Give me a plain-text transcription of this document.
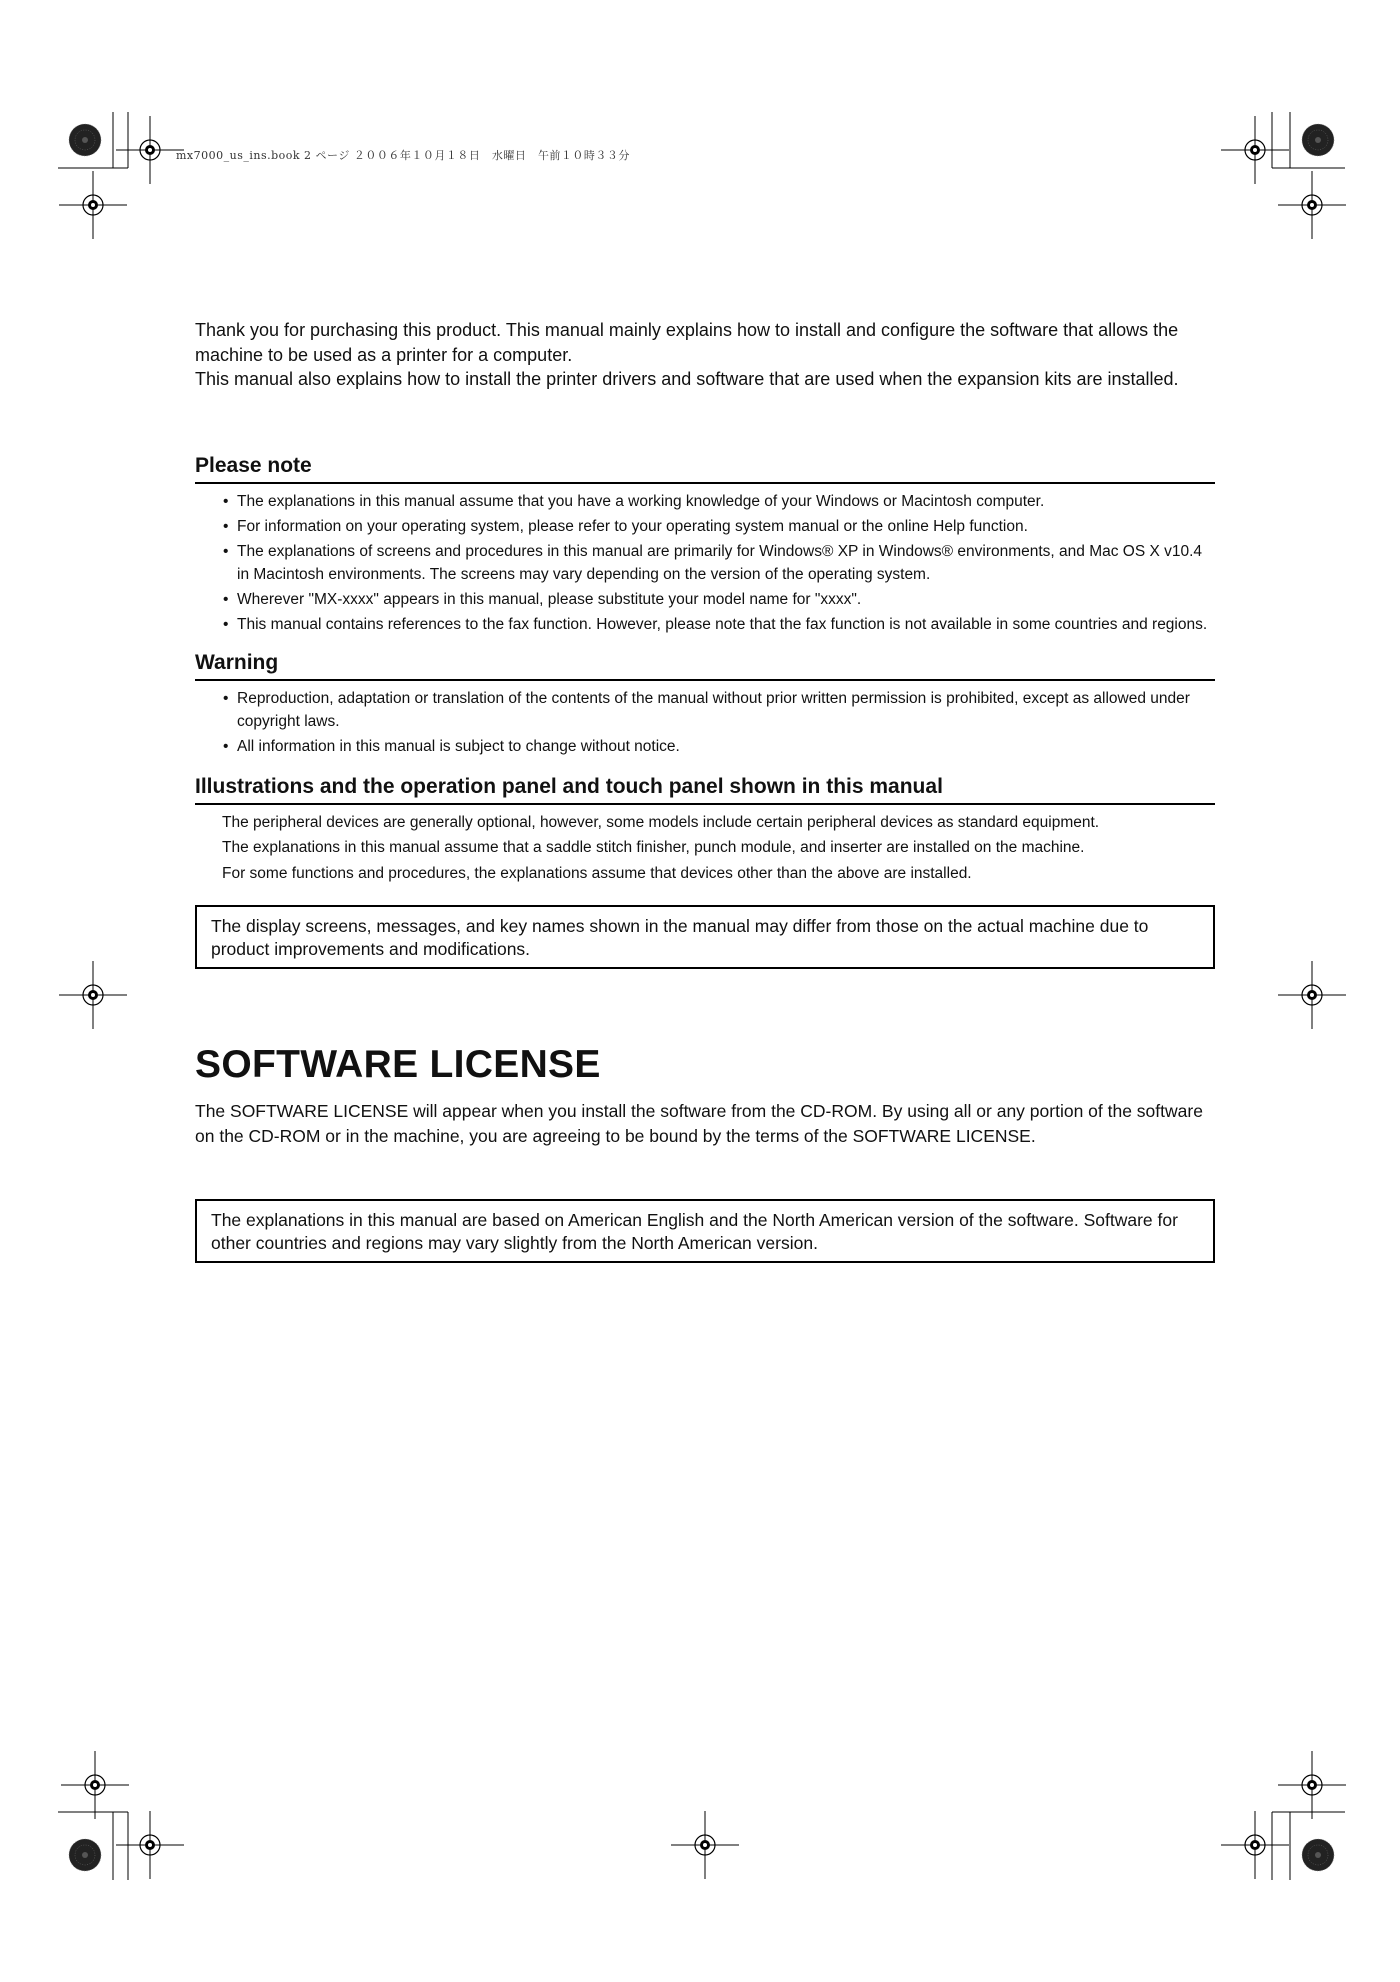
mx7000_us_ins.book 2 ページ ２００６年１０月１８日　水曜日　午前１０時３３分

Thank you for purchasing this product. This manual mainly explains how to install and configure the software that allows the machine to be used as a printer for a computer.

This manual also explains how to install the printer drivers and software that are used when the expansion kits are installed.

Please note
• The explanations in this manual assume that you have a working knowledge of your Windows or Macintosh computer.
• For information on your operating system, please refer to your operating system manual or the online Help function.
• The explanations of screens and procedures in this manual are primarily for Windows® XP in Windows® environments, and Mac OS X v10.4 in Macintosh environments. The screens may vary depending on the version of the operating system.
• Wherever "MX-xxxx" appears in this manual, please substitute your model name for "xxxx".
• This manual contains references to the fax function. However, please note that the fax function is not available in some countries and regions.
Warning
• Reproduction, adaptation or translation of the contents of the manual without prior written permission is prohibited, except as allowed under copyright laws.
• All information in this manual is subject to change without notice.
Illustrations and the operation panel and touch panel shown in this manual

The peripheral devices are generally optional, however, some models include certain peripheral devices as standard equipment.

The explanations in this manual assume that a saddle stitch finisher, punch module, and inserter are installed on the machine.

For some functions and procedures, the explanations assume that devices other than the above are installed.

The display screens, messages, and key names shown in the manual may differ from those on the actual machine due to product improvements and modifications.
SOFTWARE LICENSE

The SOFTWARE LICENSE will appear when you install the software from the CD-ROM. By using all or any portion of the software on the CD-ROM or in the machine, you are agreeing to be bound by the terms of the SOFTWARE LICENSE.

The explanations in this manual are based on American English and the North American version of the software. Software for other countries and regions may vary slightly from the North American version.
